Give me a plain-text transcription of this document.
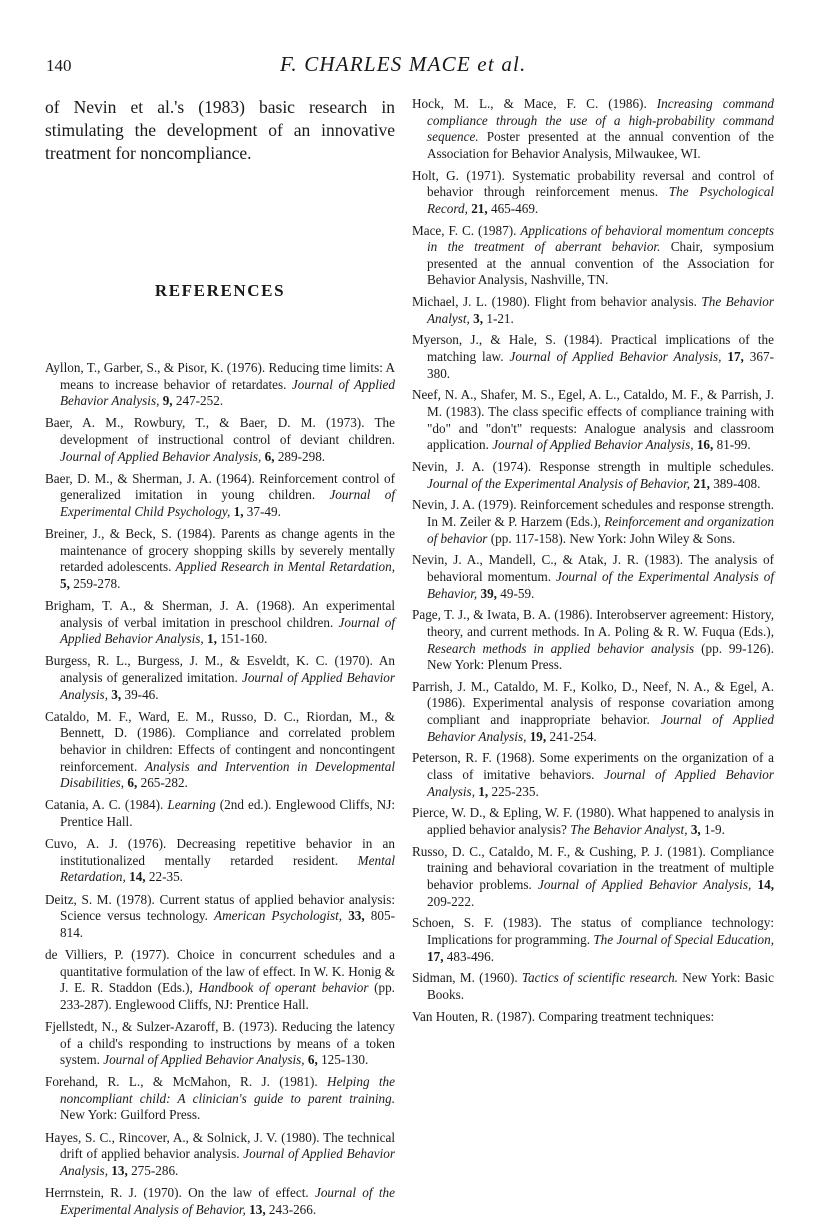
140	F. CHARLES MACE et al.

of Nevin et al.'s (1983) basic research in stimulating the development of an innovative treatment for noncompliance.

REFERENCES

Ayllon, T., Garber, S., & Pisor, K. (1976). Reducing time limits: A means to increase behavior of retardates. Journal of Applied Behavior Analysis, 9, 247-252.

Baer, A. M., Rowbury, T., & Baer, D. M. (1973). The development of instructional control of deviant children. Journal of Applied Behavior Analysis, 6, 289-298.

Baer, D. M., & Sherman, J. A. (1964). Reinforcement control of generalized imitation in young children. Journal of Experimental Child Psychology, 1, 37-49.

Breiner, J., & Beck, S. (1984). Parents as change agents in the maintenance of grocery shopping skills by severely mentally retarded adolescents. Applied Research in Mental Retardation, 5, 259-278.

Brigham, T. A., & Sherman, J. A. (1968). An experimental analysis of verbal imitation in preschool children. Journal of Applied Behavior Analysis, 1, 151-160.

Burgess, R. L., Burgess, J. M., & Esveldt, K. C. (1970). An analysis of generalized imitation. Journal of Applied Behavior Analysis, 3, 39-46.

Cataldo, M. F., Ward, E. M., Russo, D. C., Riordan, M., & Bennett, D. (1986). Compliance and correlated problem behavior in children: Effects of contingent and noncontingent reinforcement. Analysis and Intervention in Developmental Disabilities, 6, 265-282.

Catania, A. C. (1984). Learning (2nd ed.). Englewood Cliffs, NJ: Prentice Hall.

Cuvo, A. J. (1976). Decreasing repetitive behavior in an institutionalized mentally retarded resident. Mental Retardation, 14, 22-35.

Deitz, S. M. (1978). Current status of applied behavior analysis: Science versus technology. American Psychologist, 33, 805-814.

de Villiers, P. (1977). Choice in concurrent schedules and a quantitative formulation of the law of effect. In W. K. Honig & J. E. R. Staddon (Eds.), Handbook of operant behavior (pp. 233-287). Englewood Cliffs, NJ: Prentice Hall.

Fjellstedt, N., & Sulzer-Azaroff, B. (1973). Reducing the latency of a child's responding to instructions by means of a token system. Journal of Applied Behavior Analysis, 6, 125-130.

Forehand, R. L., & McMahon, R. J. (1981). Helping the noncompliant child: A clinician's guide to parent training. New York: Guilford Press.

Hayes, S. C., Rincover, A., & Solnick, J. V. (1980). The technical drift of applied behavior analysis. Journal of Applied Behavior Analysis, 13, 275-286.

Herrnstein, R. J. (1970). On the law of effect. Journal of the Experimental Analysis of Behavior, 13, 243-266.

Hock, M. L., & Mace, F. C. (1986). Increasing command compliance through the use of a high-probability command sequence. Poster presented at the annual convention of the Association for Behavior Analysis, Milwaukee, WI.

Holt, G. (1971). Systematic probability reversal and control of behavior through reinforcement menus. The Psychological Record, 21, 465-469.

Mace, F. C. (1987). Applications of behavioral momentum concepts in the treatment of aberrant behavior. Chair, symposium presented at the annual convention of the Association for Behavior Analysis, Nashville, TN.

Michael, J. L. (1980). Flight from behavior analysis. The Behavior Analyst, 3, 1-21.

Myerson, J., & Hale, S. (1984). Practical implications of the matching law. Journal of Applied Behavior Analysis, 17, 367-380.

Neef, N. A., Shafer, M. S., Egel, A. L., Cataldo, M. F., & Parrish, J. M. (1983). The class specific effects of compliance training with "do" and "don't" requests: Analogue analysis and classroom application. Journal of Applied Behavior Analysis, 16, 81-99.

Nevin, J. A. (1974). Response strength in multiple schedules. Journal of the Experimental Analysis of Behavior, 21, 389-408.

Nevin, J. A. (1979). Reinforcement schedules and response strength. In M. Zeiler & P. Harzem (Eds.), Reinforcement and organization of behavior (pp. 117-158). New York: John Wiley & Sons.

Nevin, J. A., Mandell, C., & Atak, J. R. (1983). The analysis of behavioral momentum. Journal of the Experimental Analysis of Behavior, 39, 49-59.

Page, T. J., & Iwata, B. A. (1986). Interobserver agreement: History, theory, and current methods. In A. Poling & R. W. Fuqua (Eds.), Research methods in applied behavior analysis (pp. 99-126). New York: Plenum Press.

Parrish, J. M., Cataldo, M. F., Kolko, D., Neef, N. A., & Egel, A. (1986). Experimental analysis of response covariation among compliant and inappropriate behavior. Journal of Applied Behavior Analysis, 19, 241-254.

Peterson, R. F. (1968). Some experiments on the organization of a class of imitative behaviors. Journal of Applied Behavior Analysis, 1, 225-235.

Pierce, W. D., & Epling, W. F. (1980). What happened to analysis in applied behavior analysis? The Behavior Analyst, 3, 1-9.

Russo, D. C., Cataldo, M. F., & Cushing, P. J. (1981). Compliance training and behavioral covariation in the treatment of multiple behavior problems. Journal of Applied Behavior Analysis, 14, 209-222.

Schoen, S. F. (1983). The status of compliance technology: Implications for programming. The Journal of Special Education, 17, 483-496.

Sidman, M. (1960). Tactics of scientific research. New York: Basic Books.

Van Houten, R. (1987). Comparing treatment techniques:
